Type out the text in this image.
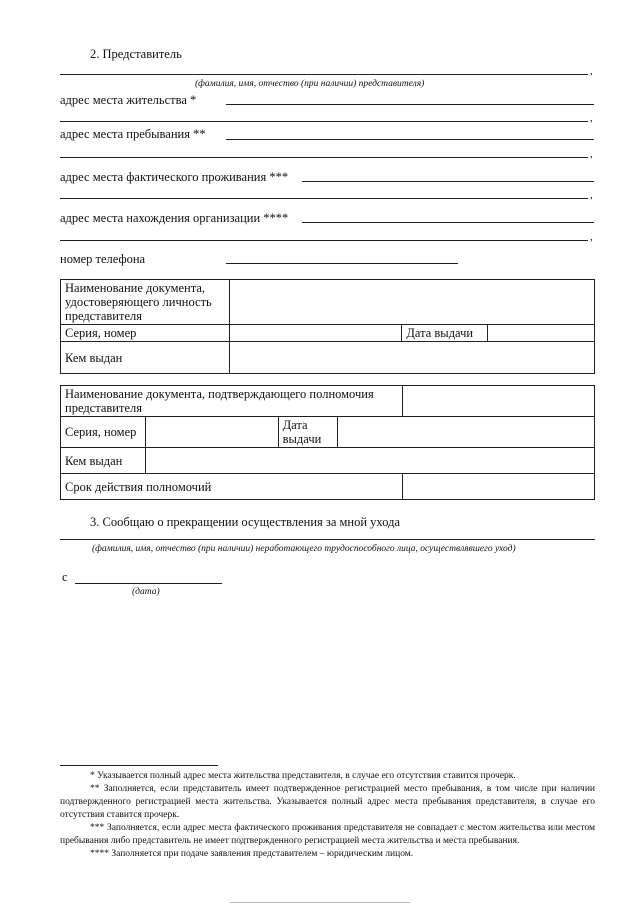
2. Представитель
,
(фамилия, имя, отчество (при наличии) представителя)
адрес места жительства *
,
адрес места пребывания **
,
адрес места фактического проживания ***
,
адрес места нахождения организации ****
,
номер телефона
Наименование документа, удостоверяющего личность представителя			
Серия, номер		Дата выдачи	
Кем выдан			
Наименование документа, подтверждающего полномочия представителя				
Серия, номер		Дата выдачи		
Кем выдан				
Срок действия полномочий				
3. Сообщаю о прекращении осуществления за мной ухода
(фамилия, имя, отчество (при наличии) неработающего трудоспособного лица, осуществлявшего уход)
с
(дата)

* Указывается полный адрес места жительства представителя, в случае его отсутствия ставится прочерк.

** Заполняется, если представитель имеет подтвержденное регистрацией место пребывания, в том числе при наличии подтвержденного регистрацией места жительства. Указывается полный адрес места пребывания представителя, в случае его отсутствия ставится прочерк.

*** Заполняется, если адрес места фактического проживания представителя не совпадает с местом жительства или местом пребывания либо представитель не имеет подтвержденного регистрацией места жительства и места пребывания.

**** Заполняется при подаче заявления представителем – юридическим лицом.
